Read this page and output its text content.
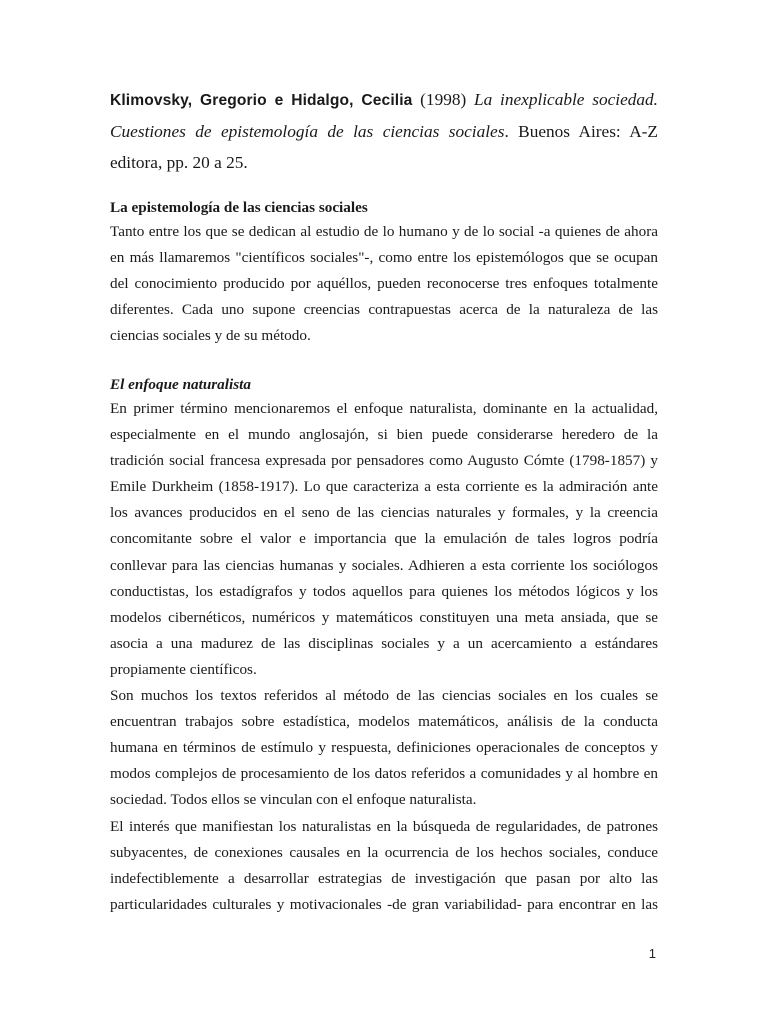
Klimovsky, Gregorio e Hidalgo, Cecilia (1998) La inexplicable sociedad. Cuestiones de epistemología de las ciencias sociales. Buenos Aires: A-Z editora, pp. 20 a 25.
La epistemología de las ciencias sociales

Tanto entre los que se dedican al estudio de lo humano y de lo social -a quienes de ahora en más llamaremos "científicos sociales"-, como entre los epistemólogos que se ocupan del conocimiento producido por aquéllos, pueden reconocerse tres enfoques totalmente diferentes. Cada uno supone creencias contrapuestas acerca de la naturaleza de las ciencias sociales y de su método.

El enfoque naturalista

En primer término mencionaremos el enfoque naturalista, dominante en la actualidad, especialmente en el mundo anglosajón, si bien puede considerarse heredero de la tradición social francesa expresada por pensadores como Augusto Cómte (1798-1857) y Emile Durkheim (1858-1917). Lo que caracteriza a esta corriente es la admiración ante los avances producidos en el seno de las ciencias naturales y formales, y la creencia concomitante sobre el valor e importancia que la emulación de tales logros podría conllevar para las ciencias humanas y sociales. Adhieren a esta corriente los sociólogos conductistas, los estadígrafos y todos aquellos para quienes los métodos lógicos y los modelos cibernéticos, numéricos y matemáticos constituyen una meta ansiada, que se asocia a una madurez de las disciplinas sociales y a un acercamiento a estándares propiamente científicos.

Son muchos los textos referidos al método de las ciencias sociales en los cuales se encuentran trabajos sobre estadística, modelos matemáticos, análisis de la conducta humana en términos de estímulo y respuesta, definiciones operacionales de conceptos y modos complejos de procesamiento de los datos referidos a comunidades y al hombre en sociedad. Todos ellos se vinculan con el enfoque naturalista.

El interés que manifiestan los naturalistas en la búsqueda de regularidades, de patrones subyacentes, de conexiones causales en la ocurrencia de los hechos sociales, conduce indefectiblemente a desarrollar estrategias de investigación que pasan por alto las particularidades culturales y motivacionales -de gran variabilidad- para encontrar en las

1
